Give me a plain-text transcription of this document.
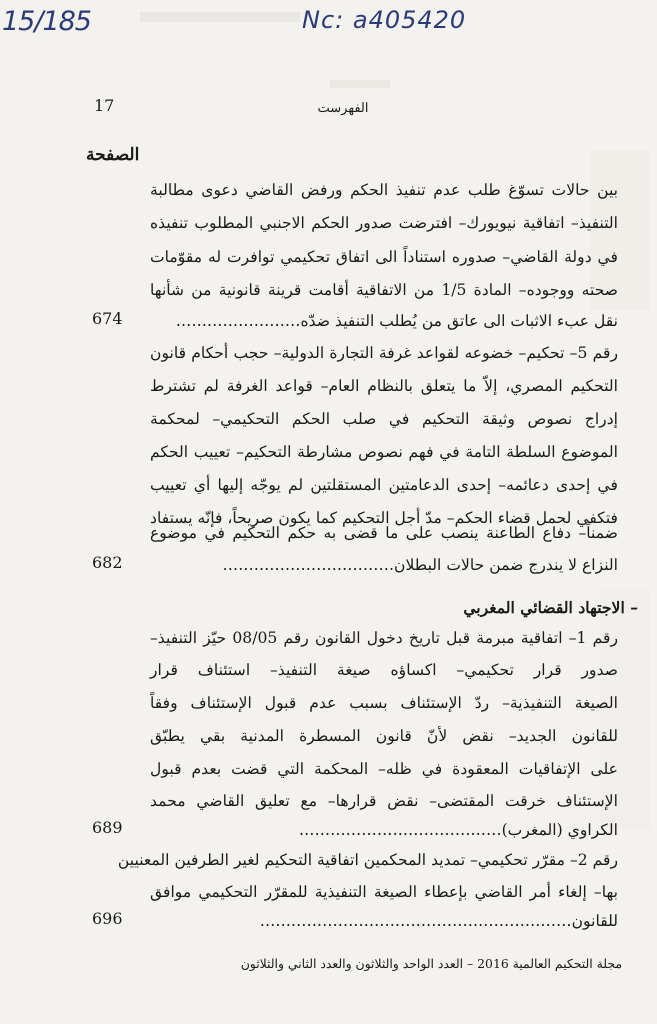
15/185	Nc: a405420
17	الفهرست
الصفحة
بين حالات تسوّغ طلب عدم تنفيذ الحكم ورفض القاضي دعوى مطالبة
التنفيذ– اتفاقية نيويورك– افترضت صدور الحكم الاجنبي المطلوب تنفيذه
في دولة القاضي– صدوره استناداً الى اتفاق تحكيمي توافرت له مقوّمات
صحته ووجوده– المادة 1/5 من الاتفاقية أقامت قرينة قانونية من شأنها
نقل عبء الاثبات الى عاتق من يُطلب التنفيذ ضدّه……………………
674
رقم 5– تحكيم– خضوعه لقواعد غرفة التجارة الدولية– حجب أحكام قانون
التحكيم المصري، إلاّ ما يتعلق بالنظام العام– قواعد الغرفة لم تشترط
إدراج نصوص وثيقة التحكيم في صلب الحكم التحكيمي– لمحكمة
الموضوع السلطة التامة في فهم نصوص مشارطة التحكيم– تعييب الحكم
في إحدى دعائمه– إحدى الدعامتين المستقلتين لم يوجّه إليها أي تعييب
فتكفي لحمل قضاء الحكم– مدّ أجل التحكيم كما يكون صريحاً، فإنّه يستفاد
ضمناً– دفاع الطاعنة ينصب على ما قضى به حكم التحكيم في موضوع
النزاع لا يندرج ضمن حالات البطلان……………………………
682
– الاجتهاد القضائي المغربي
رقم 1– اتفاقية مبرمة قبل تاريخ دخول القانون رقم 08/05 حيّز التنفيذ–
صدور قرار تحكيمي– اكساؤه صيغة التنفيذ– استئناف قرار
الصيغة التنفيذية– ردّ الإستئناف بسبب عدم قبول الإستئناف وفقاً
للقانون الجديد– نقض لأنّ قانون المسطرة المدنية بقي يطبّق
على الإتفاقيات المعقودة في ظله– المحكمة التي قضت بعدم قبول
الإستئناف خرقت المقتضى– نقض قرارها– مع تعليق القاضي محمد
الكراوي (المغرب)…………………………………
689
رقم 2– مقرّر تحكيمي– تمديد المحكمين اتفاقية التحكيم لغير الطرفين المعنيين
بها– إلغاء أمر القاضي بإعطاء الصيغة التنفيذية للمقرّر التحكيمي موافق
للقانون……………………………………………………
696
مجلة التحكيم العالمية 2016 – العدد الواحد والثلاثون والعدد الثاني والثلاثون
